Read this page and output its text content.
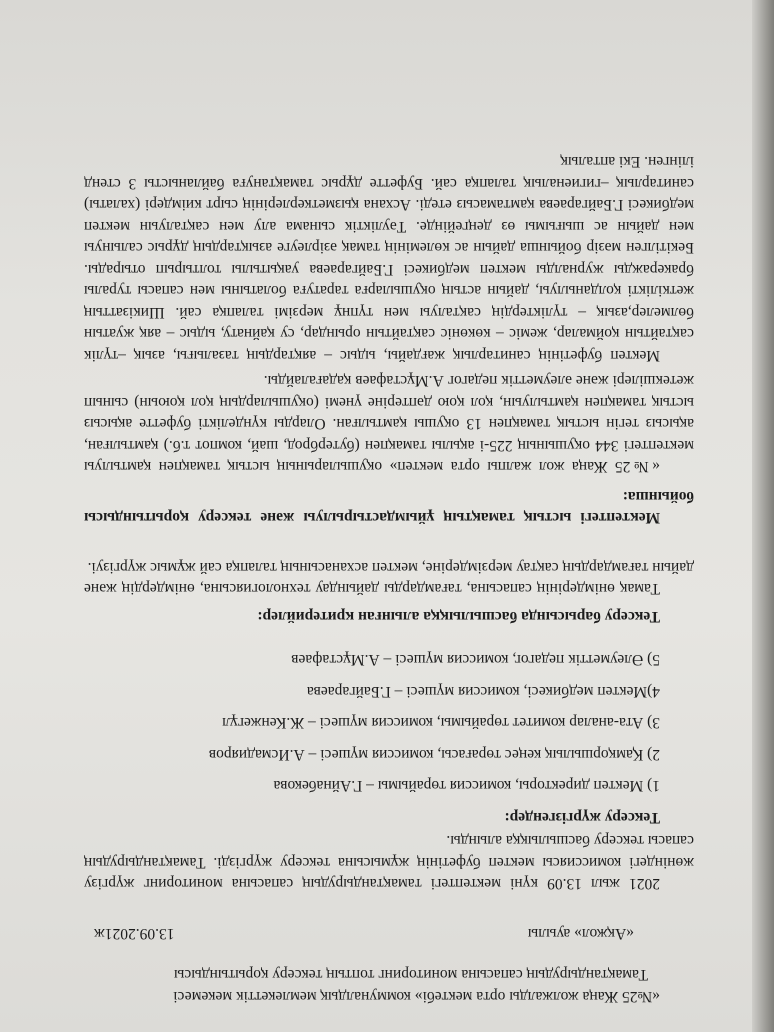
«№25 Жаңа жолжалды орта мектебі» коммуналдық мемлекеттік мекемесі

Тамақтандырудың сапасына мониторинг топтың тексеру қорытындысы

«Ақжол» ауылы
13.09.2021ж

2021 жыл 13.09 күні мектептегі тамақтандырудың сапасына мониторинг жүргізу жөніндегі комиссиясы мектеп буфетінің жұмысына тексеру жүргізді. Тамақтандырудың сапасы тексеру басшылыққа алынды.

Тексеру жүргізгендер:

1) Мектеп директоры, комиссия төрайымы – Г.Айнабекова

2) Қамқоршылық кеңес төрағасы, комиссия мүшесі – А.Исмадияров

3) Ата-аналар комитет төрайымы, комиссия мүшесі – Ж.Кенжегұл

4)Мектеп медбикесі, комиссия мүшесі – Г.Байгараева

5) Әлеуметтік педагог, комиссия мүшесі – А.Мұстафаев

Тексеру барысында басшылыққа алынған критерийлер:

Тамақ өнімдерінің сапасына, тағамдарды дайындау технологиясына, өнімдердің және дайын тағамдардың сақтау мерзімдеріне, мектеп асханасының талапқа сай жұмыс жүргізуі.

Мектептегі ыстық тамақтың ұйымдастырылуы және тексеру қорытындысы бойынша:

«№25 Жаңа жол жалпы орта мектеп» оқушыларының ыстық тамақпен қамтылуы мектептегі 344 оқушының 225-і ақылы тамақпен (бутерброд, шай, компот т.б.) қамтылған, ақысыз тегін ыстық тамақпен 13 оқушы қамтылған. Оларды күнделікті буфетте ақысыз ыстық тамақпен қамтылуын, қол қою дәптеріне үнемі (оқушылардың қол қоюын) сынып жетекшілері және әлеуметтік педагог А.Мұстафаев қадағалайды.

Мектеп буфетінің санитарлық жағдайы, ыдыс – аяқтардың тазалығы, азық –түлік сақтайтын қоймалар, жеміс – көкөніс сақтайтын орындар, су қайнату, ыдыс – аяқ жуатын бөлмелер,азық – түліктердің сақталуы мен түпнұ мерзімі талапқа сай. Шикізаттың жеткілікті қолданылуы, дайын астың оқушыларға таратуға болатыны мен сапасы туралы бракеражды журналды мектеп медбикесі Г.Байгараева уақытылы толтырып отырады. Бекітілген мәзір бойынша дайын ас көлемінің тамақ әзірлеуге азықтардың дұрыс салынуы мен дайын ас шығымы өз деңгейінде. Тәуліктік сынама алу мен сақталуын мектеп медбикесі Г.Байгараева қамтамасыз етеді. Асхана қызметкерлерінің сырт киімдері (халаты) санитарлық –гигиеналық талапқа сай. Буфетте дұрыс тамақтануға байланысты 3 стенд ілінген. Екі апталық
